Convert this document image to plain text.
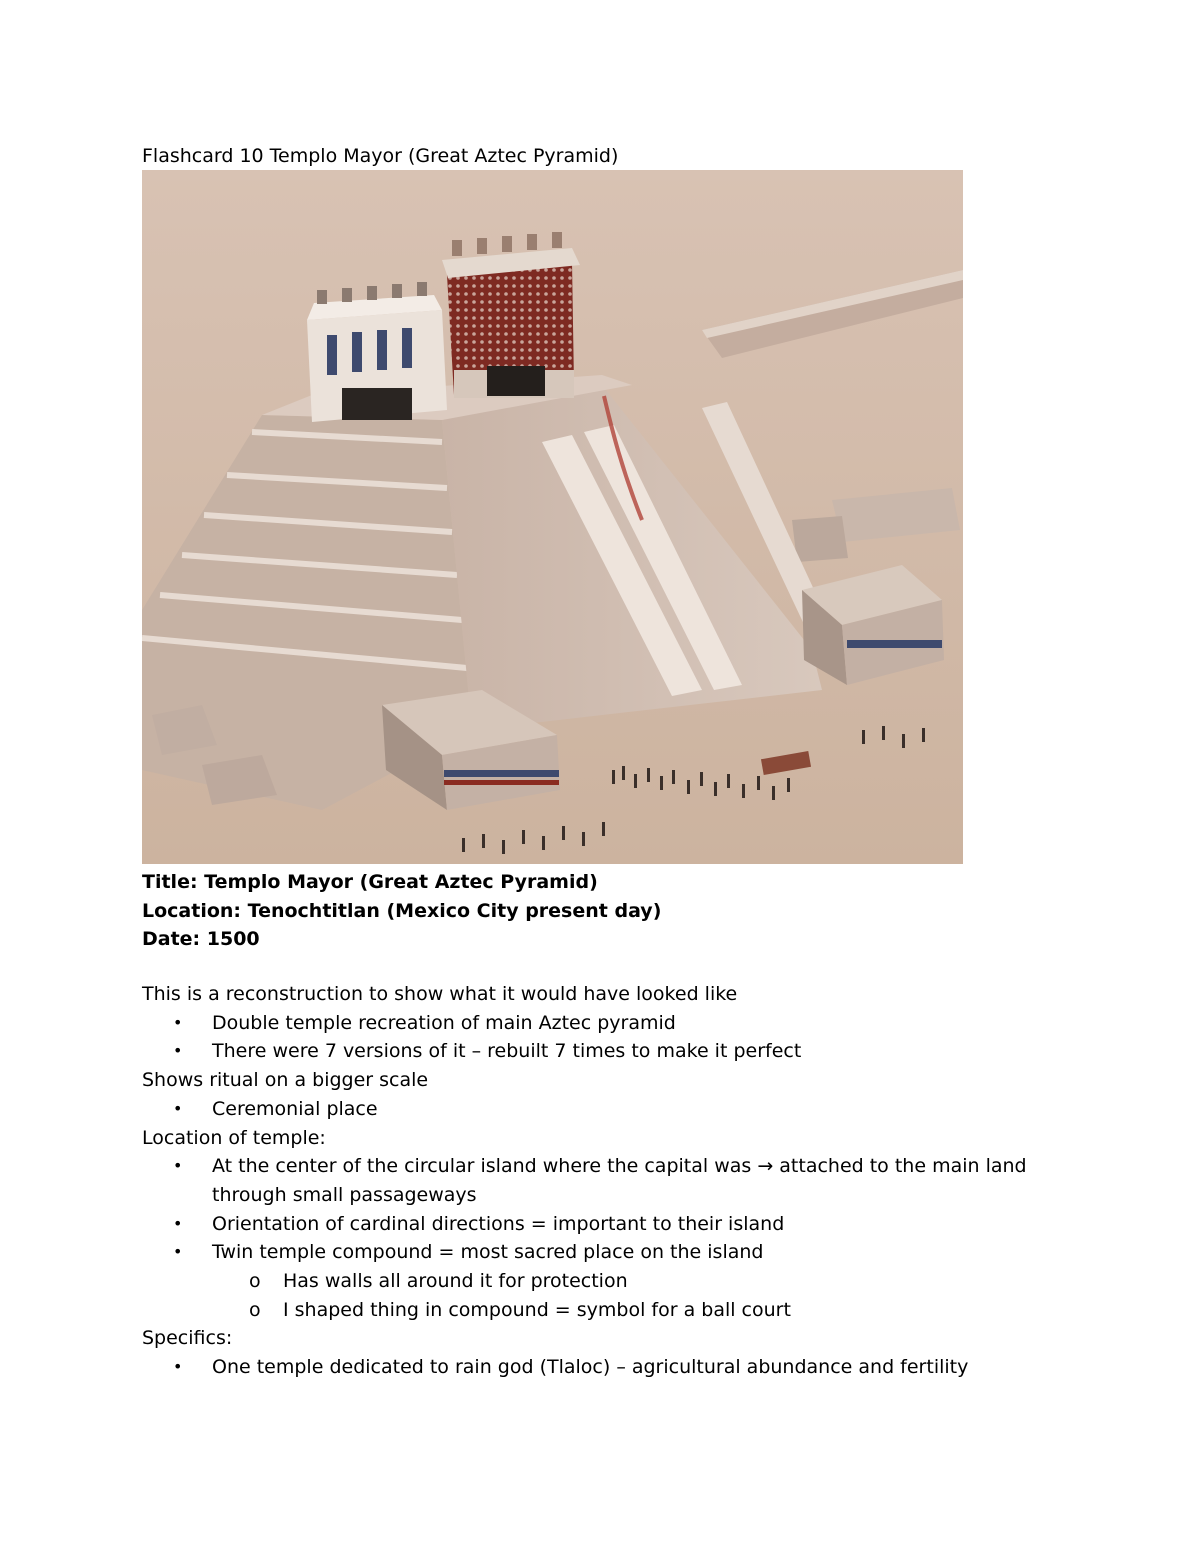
Flashcard 10 Templo Mayor (Great Aztec Pyramid)
Title: Templo Mayor (Great Aztec Pyramid)
Location: Tenochtitlan (Mexico City present day)
Date: 1500
This is a reconstruction to show what it would have looked like
• Double temple recreation of main Aztec pyramid
• There were 7 versions of it – rebuilt 7 times to make it perfect
Shows ritual on a bigger scale
• Ceremonial place
Location of temple:
• At the center of the circular island where the capital was → attached to the main land through small passageways
• Orientation of cardinal directions = important to their island
• Twin temple compound = most sacred place on the island
o Has walls all around it for protection
o I shaped thing in compound = symbol for a ball court
Specifics:
• One temple dedicated to rain god (Tlaloc) – agricultural abundance and fertility
